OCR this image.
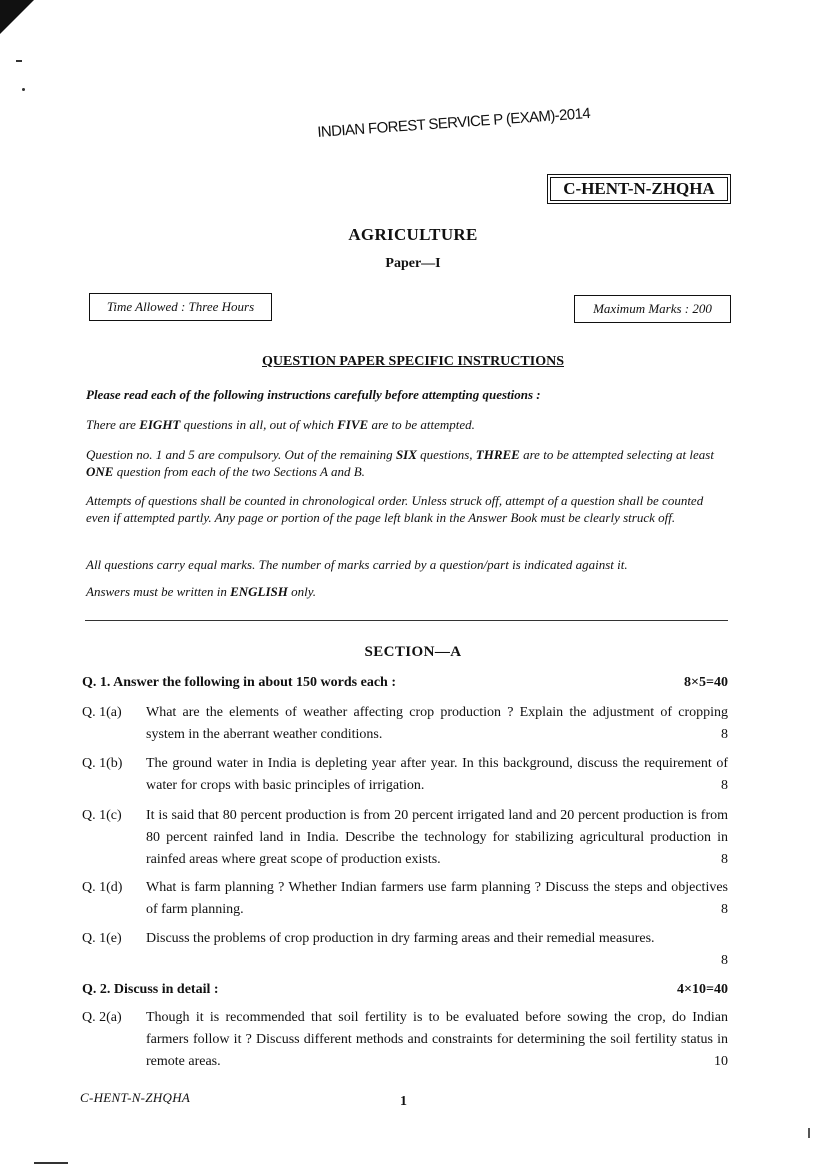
INDIAN FOREST SERVICE P (EXAM)-2014
C-HENT-N-ZHQHA
AGRICULTURE
Paper—I
Time Allowed : Three Hours	Maximum Marks : 200
QUESTION PAPER SPECIFIC INSTRUCTIONS
Please read each of the following instructions carefully before attempting questions :
There are EIGHT questions in all, out of which FIVE are to be attempted.
Question no. 1 and 5 are compulsory. Out of the remaining SIX questions, THREE are to be attempted selecting at least ONE question from each of the two Sections A and B.
Attempts of questions shall be counted in chronological order. Unless struck off, attempt of a question shall be counted even if attempted partly. Any page or portion of the page left blank in the Answer Book must be clearly struck off.
All questions carry equal marks. The number of marks carried by a question/part is indicated against it.
Answers must be written in ENGLISH only.
SECTION—A
Q. 1. Answer the following in about 150 words each :	8×5=40
Q. 1(a) What are the elements of weather affecting crop production ? Explain the adjustment of cropping system in the aberrant weather conditions.	8
Q. 1(b) The ground water in India is depleting year after year. In this background, discuss the requirement of water for crops with basic principles of irrigation.	8
Q. 1(c) It is said that 80 percent production is from 20 percent irrigated land and 20 percent production is from 80 percent rainfed land in India. Describe the technology for stabilizing agricultural production in rainfed areas where great scope of production exists.	8
Q. 1(d) What is farm planning ? Whether Indian farmers use farm planning ? Discuss the steps and objectives of farm planning.	8
Q. 1(e) Discuss the problems of crop production in dry farming areas and their remedial measures.
8
Q. 2. Discuss in detail :	4×10=40
Q. 2(a) Though it is recommended that soil fertility is to be evaluated before sowing the crop, do Indian farmers follow it ? Discuss different methods and constraints for determining the soil fertility status in remote areas.	10
C-HENT-N-ZHQHA	1
